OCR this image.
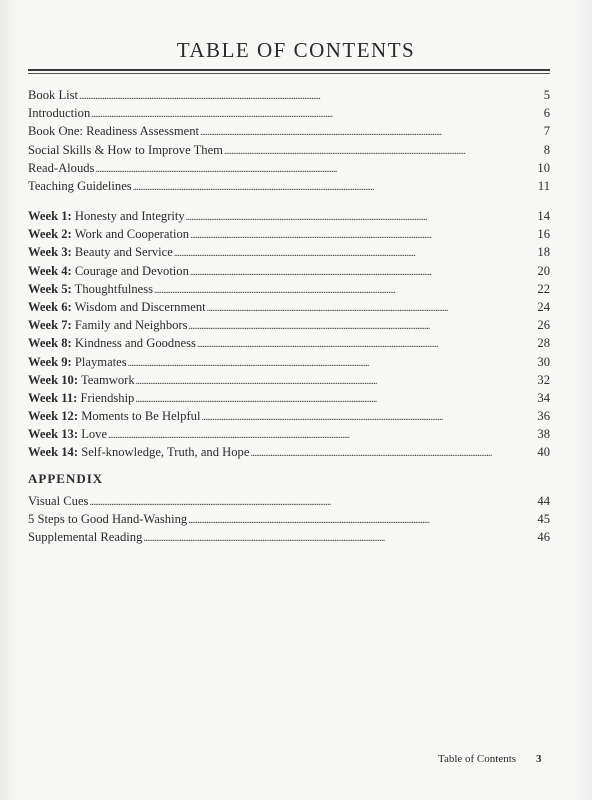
TABLE OF CONTENTS
Book List . . .	5
Introduction . . .	6
Book One: Readiness Assessment . . .	7
Social Skills & How to Improve Them . . .	8
Read-Alouds . . .	10
Teaching Guidelines . . .	11
Week 1: Honesty and Integrity . . .	14
Week 2: Work and Cooperation . . .	16
Week 3: Beauty and Service . . .	18
Week 4: Courage and Devotion . . .	20
Week 5: Thoughtfulness . . .	22
Week 6: Wisdom and Discernment . . .	24
Week 7: Family and Neighbors . . .	26
Week 8: Kindness and Goodness . . .	28
Week 9: Playmates . . .	30
Week 10: Teamwork . . .	32
Week 11: Friendship . . .	34
Week 12: Moments to Be Helpful . . .	36
Week 13: Love . . .	38
Week 14: Self-knowledge, Truth, and Hope . . .	40
APPENDIX
Visual Cues . . .	44
5 Steps to Good Hand-Washing . . .	45
Supplemental Reading . . .	46
Table of Contents 3
